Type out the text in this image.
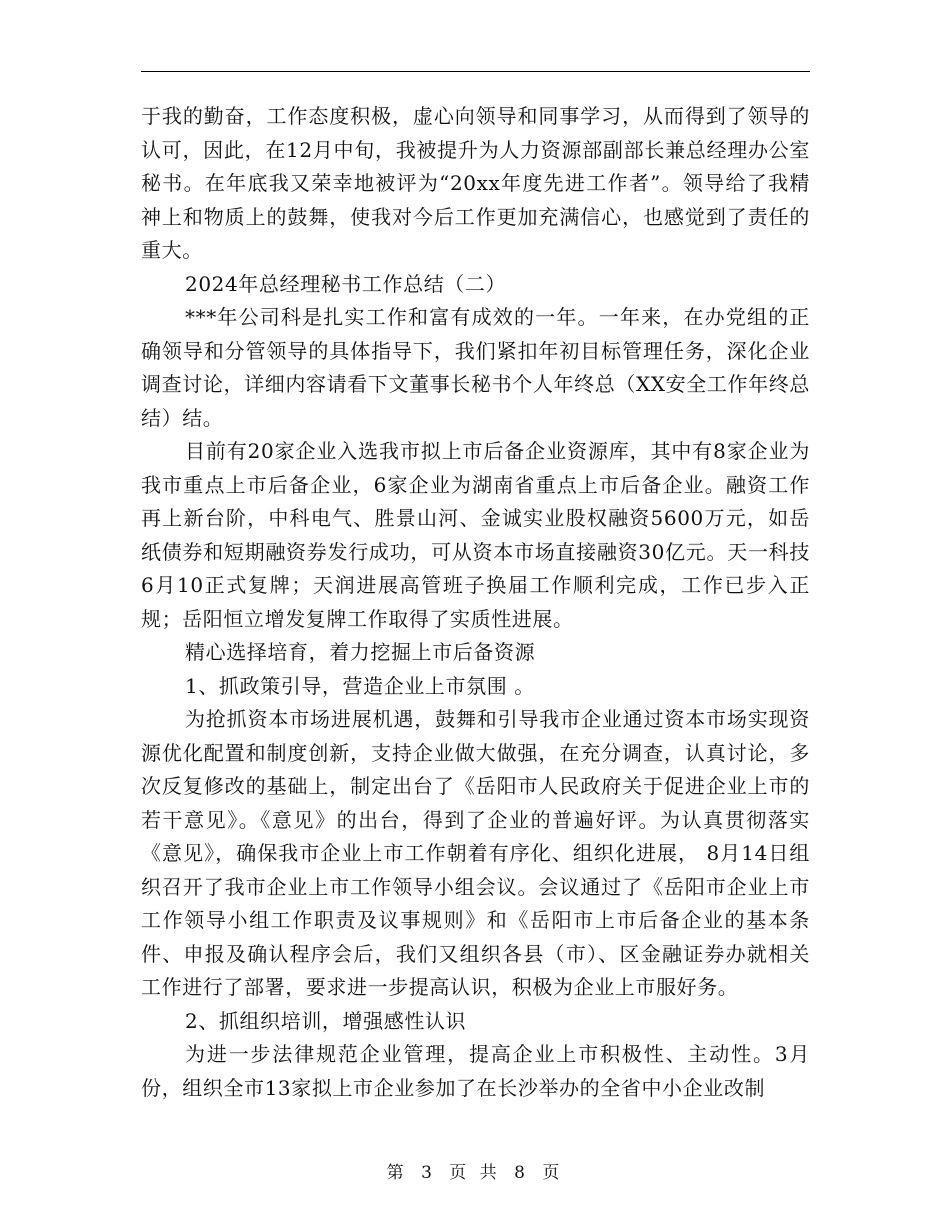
于我的勤奋，工作态度积极，虚心向领导和同事学习，从而得到了领导的认可，因此，在12月中旬，我被提升为人力资源部副部长兼总经理办公室秘书。在年底我又荣幸地被评为“20xx年度先进工作者”。领导给了我精神上和物质上的鼓舞，使我对今后工作更加充满信心，也感觉到了责任的重大。

2024年总经理秘书工作总结（二）

***年公司科是扎实工作和富有成效的一年。一年来，在办党组的正确领导和分管领导的具体指导下，我们紧扣年初目标管理任务，深化企业调查讨论，详细内容请看下文董事长秘书个人年终总（XX安全工作年终总结）结。

目前有20家企业入选我市拟上市后备企业资源库，其中有8家企业为我市重点上市后备企业，6家企业为湖南省重点上市后备企业。融资工作再上新台阶，中科电气、胜景山河、金诚实业股权融资5600万元，如岳纸债券和短期融资券发行成功，可从资本市场直接融资30亿元。天一科技6月10正式复牌；天润进展高管班子换届工作顺利完成，工作已步入正规；岳阳恒立增发复牌工作取得了实质性进展。

精心选择培育，着力挖掘上市后备资源

1、抓政策引导，营造企业上市氛围 。

为抢抓资本市场进展机遇，鼓舞和引导我市企业通过资本市场实现资源优化配置和制度创新，支持企业做大做强，在充分调查，认真讨论，多次反复修改的基础上，制定出台了《岳阳市人民政府关于促进企业上市的若干意见》。《意见》的出台，得到了企业的普遍好评。为认真贯彻落实《意见》，确保我市企业上市工作朝着有序化、组织化进展， 8月14日组织召开了我市企业上市工作领导小组会议。会议通过了《岳阳市企业上市工作领导小组工作职责及议事规则》和《岳阳市上市后备企业的基本条件、申报及确认程序会后，我们又组织各县（市）、区金融证券办就相关工作进行了部署，要求进一步提高认识，积极为企业上市服好务。

2、抓组织培训，增强感性认识

为进一步法律规范企业管理，提高企业上市积极性、主动性。3月份，组织全市13家拟上市企业参加了在长沙举办的全省中小企业改制

第 3 页 共 8 页
